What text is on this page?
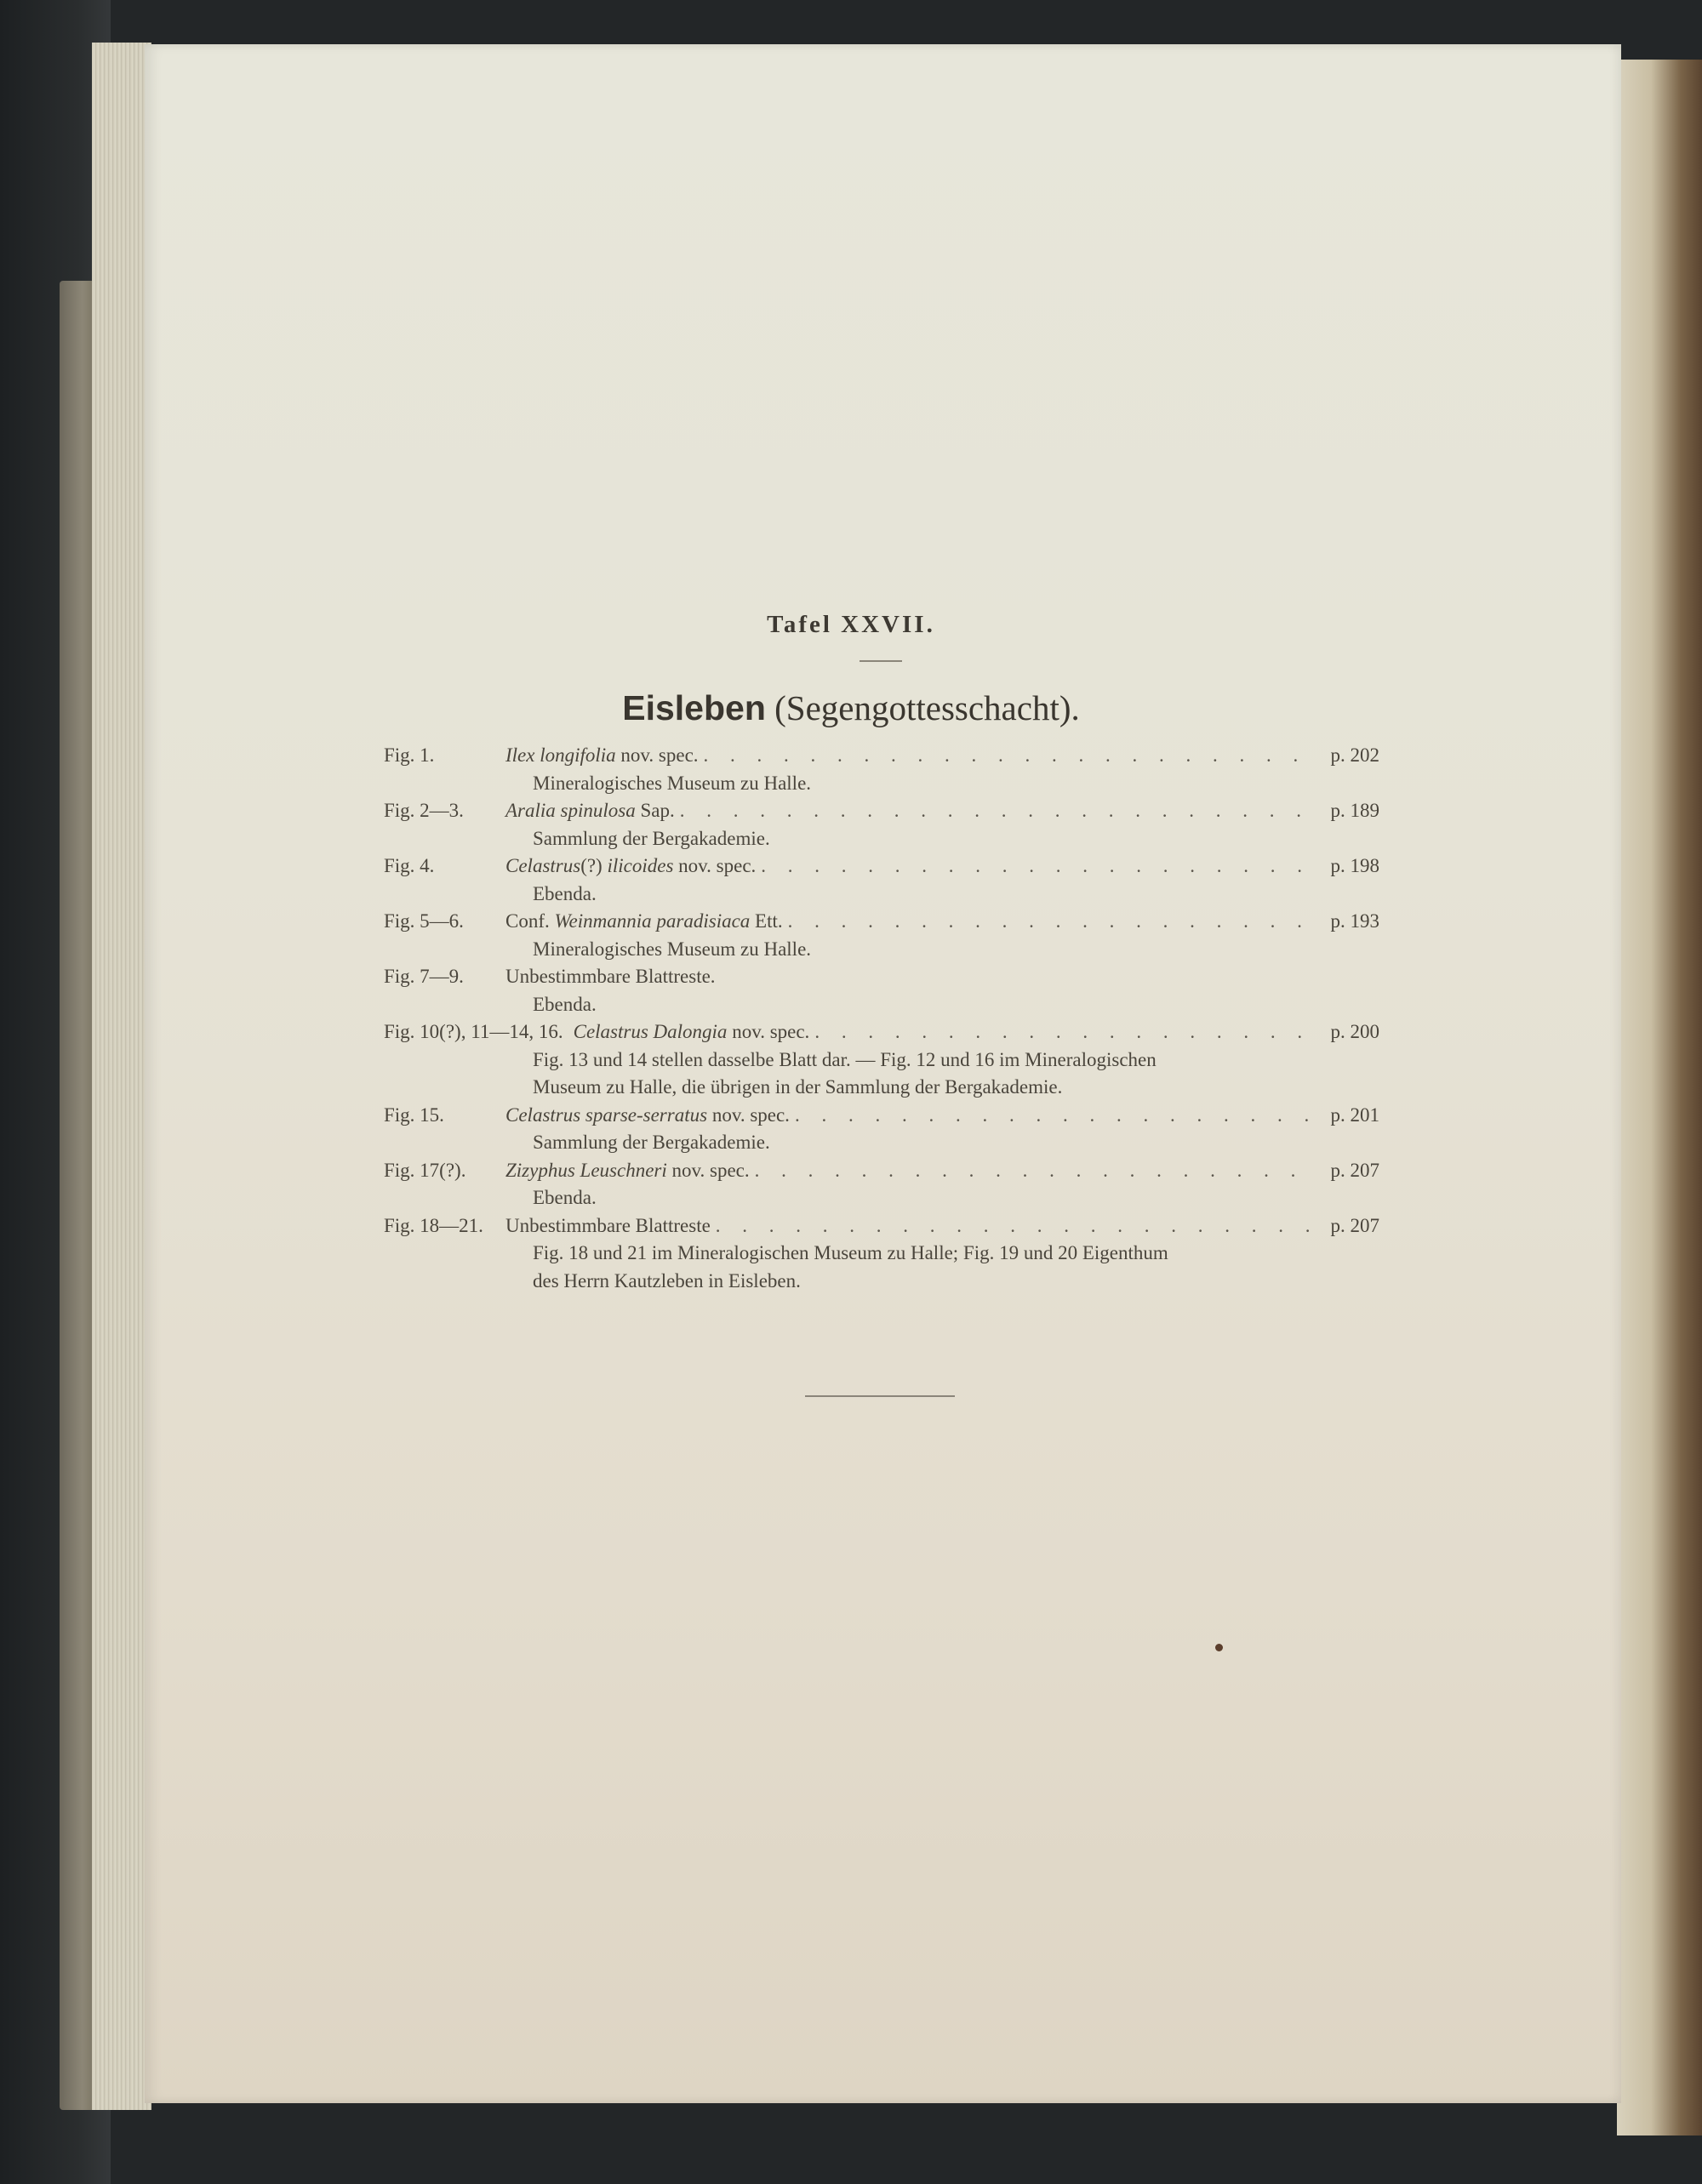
Tafel XXVII.
Eisleben (Segengottesschacht).
Fig. 1.	Ilex longifolia nov. spec. . . .	p. 202
Mineralogisches Museum zu Halle.
Fig. 2—3.	Aralia spinulosa Sap. . . .	p. 189
Sammlung der Bergakademie.
Fig. 4.	Celastrus(?) ilicoides nov. spec. . . .	p. 198
Ebenda.
Fig. 5—6.	Conf. Weinmannia paradisiaca Ett. . . .	p. 193
Mineralogisches Museum zu Halle.
Fig. 7—9.	Unbestimmbare Blattreste.
Ebenda.
Fig. 10(?), 11—14, 16. Celastrus Dalongia nov. spec. . . .	p. 200
Fig. 13 und 14 stellen dasselbe Blatt dar. — Fig. 12 und 16 im Mineralogischen
Museum zu Halle, die übrigen in der Sammlung der Bergakademie.
Fig. 15.	Celastrus sparse-serratus nov. spec. . . .	p. 201
Sammlung der Bergakademie.
Fig. 17(?).	Zizyphus Leuschneri nov. spec. . . .	p. 207
Ebenda.
Fig. 18—21.	Unbestimmbare Blattreste . . .	p. 207
Fig. 18 und 21 im Mineralogischen Museum zu Halle; Fig. 19 und 20 Eigenthum
des Herrn Kautzleben in Eisleben.
